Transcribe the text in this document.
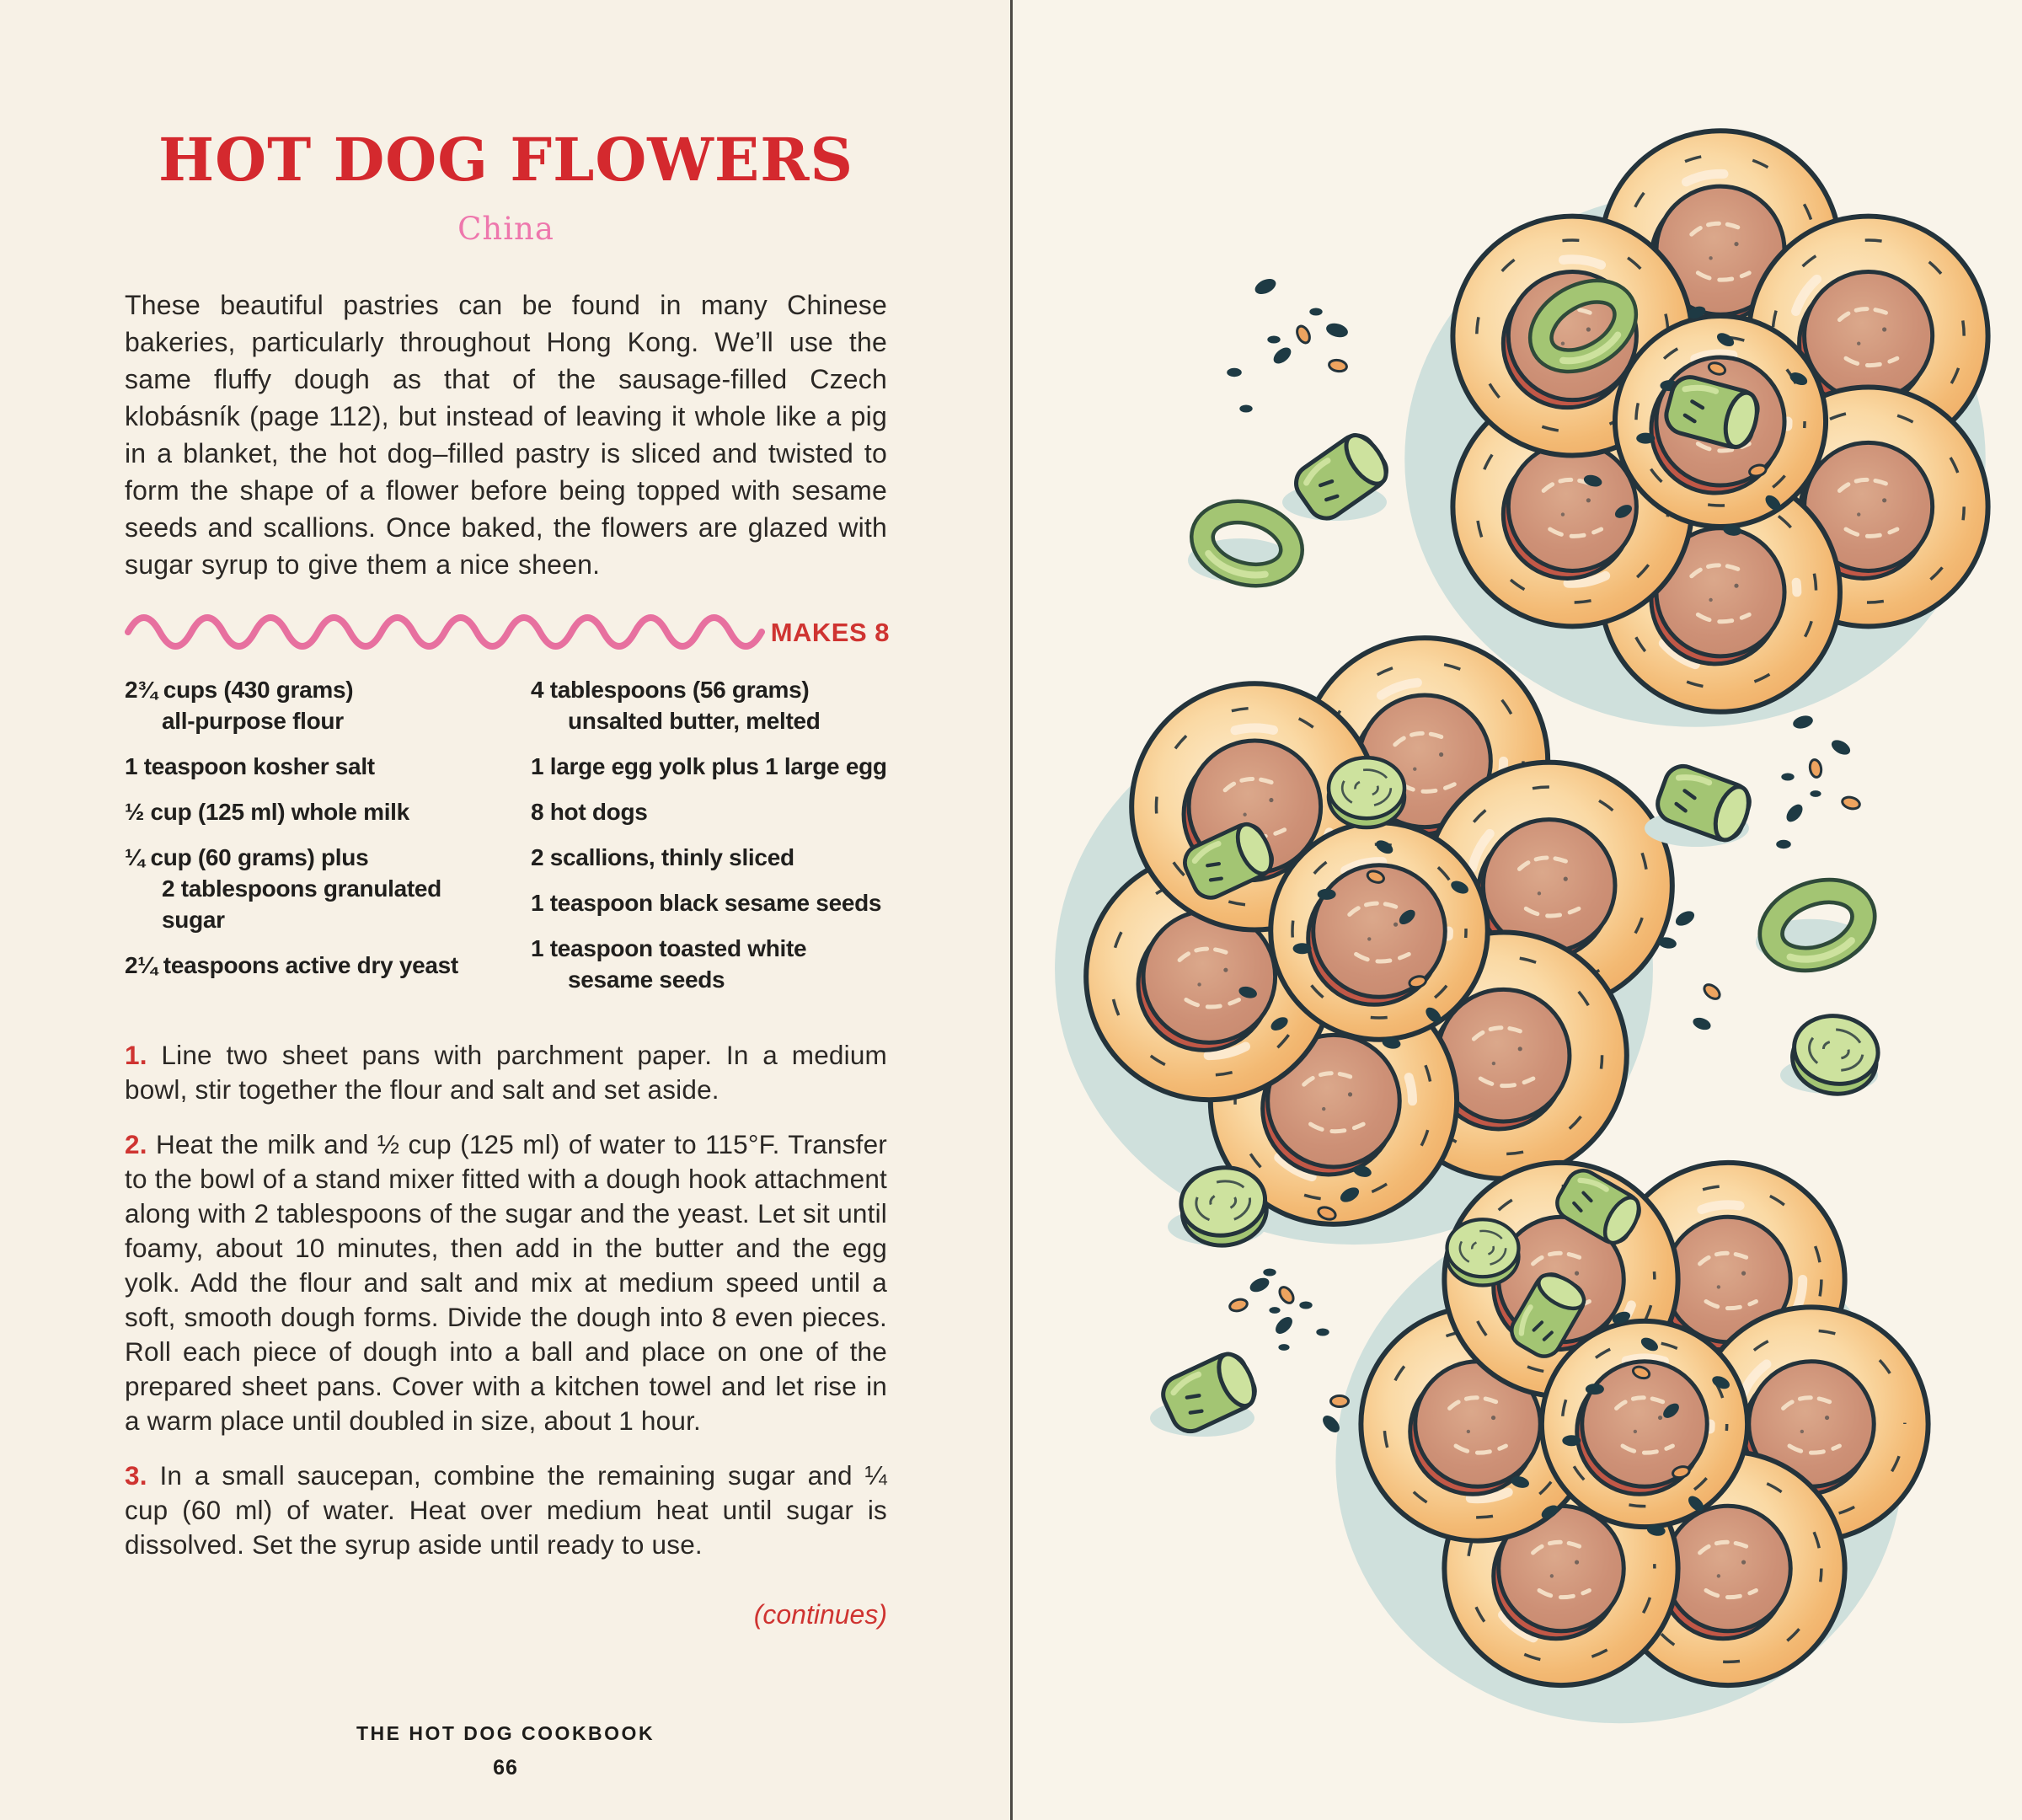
HOT DOG FLOWERS
China

These beautiful pastries can be found in many Chinese bakeries, particularly throughout Hong Kong. We’ll use the same fluffy dough as that of the sausage-filled Czech klobásník (page 112), but instead of leaving it whole like a pig in a blanket, the hot dog–filled pastry is sliced and twisted to form the shape of a flower before being topped with sesame seeds and scallions. Once baked, the flowers are glazed with sugar syrup to give them a nice sheen.

MAKES 8
2¾ cups (430 grams)
all-purpose flour
1 teaspoon kosher salt
½ cup (125 ml) whole milk
¼ cup (60 grams) plus
2 tablespoons granulated
sugar
2¼ teaspoons active dry yeast
4 tablespoons (56 grams)
unsalted butter, melted
1 large egg yolk plus 1 large egg
8 hot dogs
2 scallions, thinly sliced
1 teaspoon black sesame seeds
1 teaspoon toasted white
sesame seeds

1. Line two sheet pans with parchment paper. In a medium bowl, stir together the flour and salt and set aside.

2. Heat the milk and ½ cup (125 ml) of water to 115°F. Transfer to the bowl of a stand mixer fitted with a dough hook attachment along with 2 tablespoons of the sugar and the yeast. Let sit until foamy, about 10 minutes, then add in the butter and the egg yolk. Add the flour and salt and mix at medium speed until a soft, smooth dough forms. Divide the dough into 8 even pieces. Roll each piece of dough into a ball and place on one of the prepared sheet pans. Cover with a kitchen towel and let rise in a warm place until doubled in size, about 1 hour.

3. In a small saucepan, combine the remaining sugar and ¼ cup (60 ml) of water. Heat over medium heat until sugar is dissolved. Set the syrup aside until ready to use.

(continues)
THE HOT DOG COOKBOOK
66
